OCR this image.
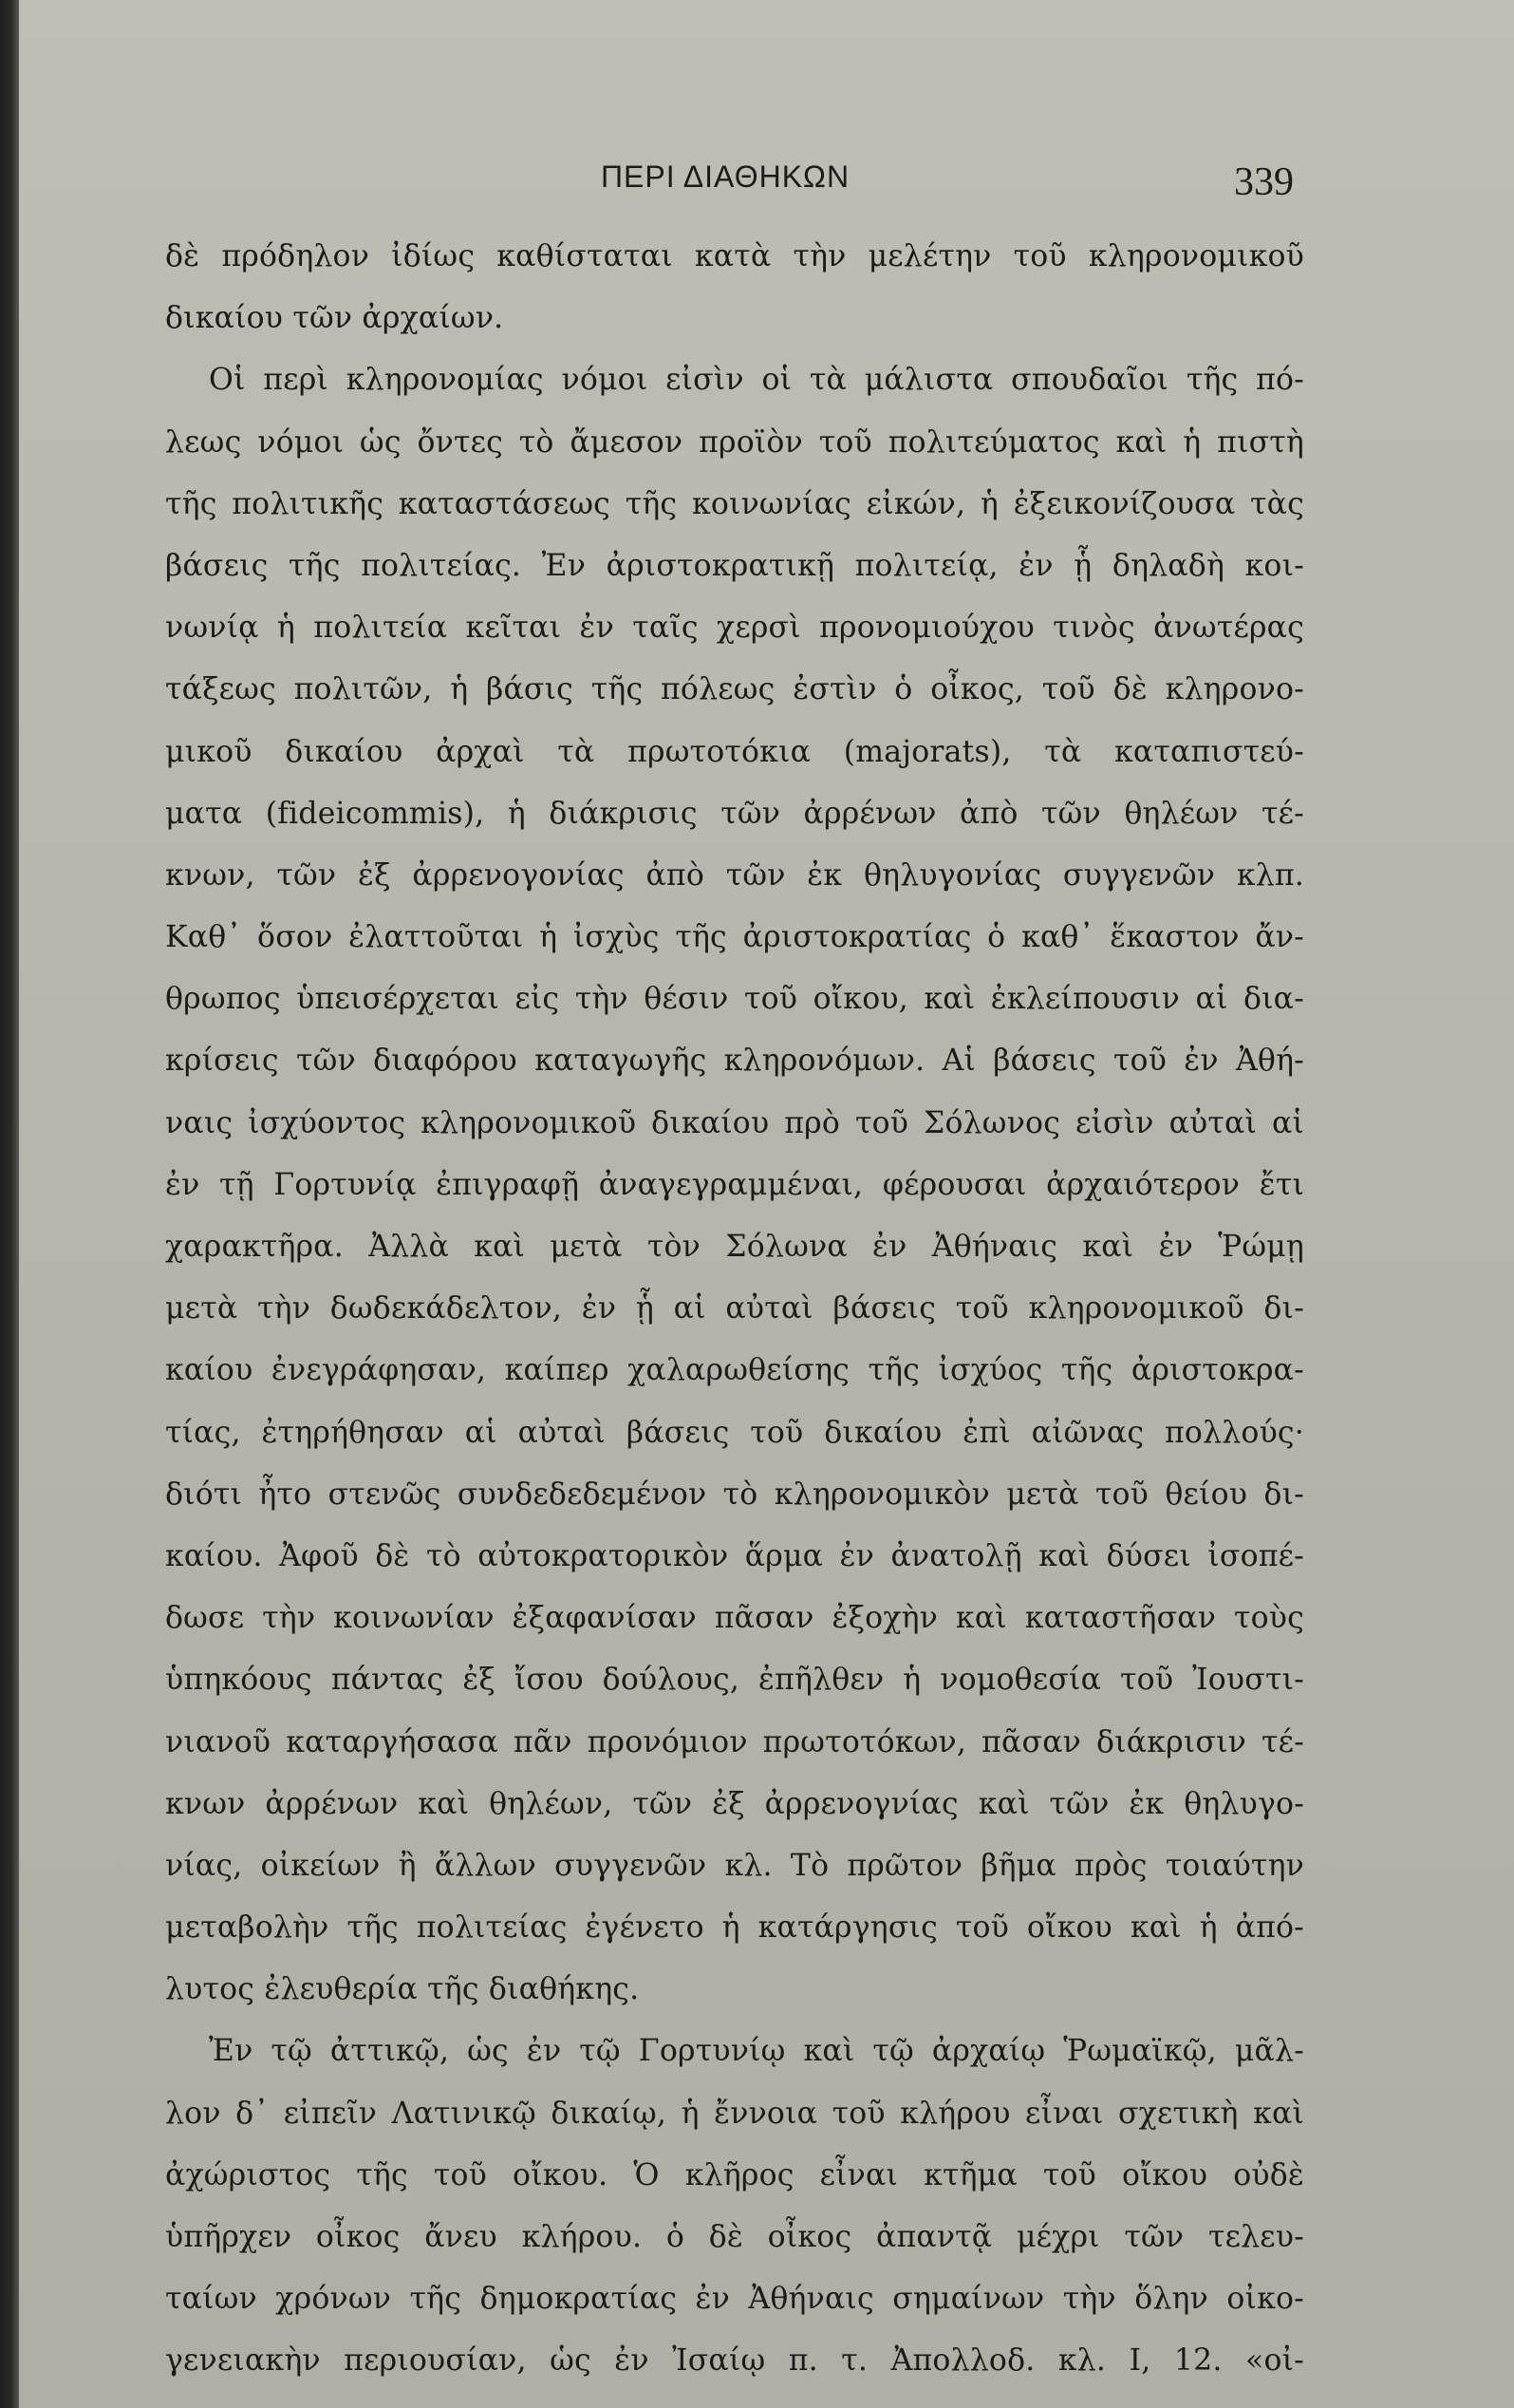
ΠΕΡΙ ΔΙΑΘΗΚΩΝ	339
δὲ πρόδηλον ἰδίως καθίσταται κατὰ τὴν μελέτην τοῦ κληρονομικοῦ
δικαίου τῶν ἀρχαίων.
Οἱ περὶ κληρονομίας νόμοι εἰσὶν οἱ τὰ μάλιστα σπουδαῖοι τῆς πό-
λεως νόμοι ὡς ὄντες τὸ ἄμεσον προϊὸν τοῦ πολιτεύματος καὶ ἡ πιστὴ
τῆς πολιτικῆς καταστάσεως τῆς κοινωνίας εἰκών, ἡ ἐξεικονίζουσα τὰς
βάσεις τῆς πολιτείας. Ἐν ἀριστοκρατικῇ πολιτείᾳ, ἐν ᾗ δηλαδὴ κοι-
νωνίᾳ ἡ πολιτεία κεῖται ἐν ταῖς χερσὶ προνομιούχου τινὸς ἀνωτέρας
τάξεως πολιτῶν, ἡ βάσις τῆς πόλεως ἐστὶν ὁ οἶκος, τοῦ δὲ κληρονο-
μικοῦ δικαίου ἀρχαὶ τὰ πρωτοτόκια (majorats), τὰ καταπιστεύ-
ματα (fideicommis), ἡ διάκρισις τῶν ἀρρένων ἀπὸ τῶν θηλέων τέ-
κνων, τῶν ἐξ ἀρρενογονίας ἀπὸ τῶν ἐκ θηλυγονίας συγγενῶν κλπ.
Καθ᾿ ὅσον ἐλαττοῦται ἡ ἰσχὺς τῆς ἀριστοκρατίας ὁ καθ᾿ ἕκαστον ἄν-
θρωπος ὑπεισέρχεται εἰς τὴν θέσιν τοῦ οἴκου, καὶ ἐκλείπουσιν αἱ δια-
κρίσεις τῶν διαφόρου καταγωγῆς κληρονόμων. Αἱ βάσεις τοῦ ἐν Ἀθή-
ναις ἰσχύοντος κληρονομικοῦ δικαίου πρὸ τοῦ Σόλωνος εἰσὶν αὐταὶ αἱ
ἐν τῇ Γορτυνίᾳ ἐπιγραφῇ ἀναγεγραμμέναι, φέρουσαι ἀρχαιότερον ἔτι
χαρακτῆρα. Ἀλλὰ καὶ μετὰ τὸν Σόλωνα ἐν Ἀθήναις καὶ ἐν Ῥώμῃ
μετὰ τὴν δωδεκάδελτον, ἐν ᾗ αἱ αὐταὶ βάσεις τοῦ κληρονομικοῦ δι-
καίου ἐνεγράφησαν, καίπερ χαλαρωθείσης τῆς ἰσχύος τῆς ἀριστοκρα-
τίας, ἐτηρήθησαν αἱ αὐταὶ βάσεις τοῦ δικαίου ἐπὶ αἰῶνας πολλούς·
διότι ἦτο στενῶς συνδεδεδεμένον τὸ κληρονομικὸν μετὰ τοῦ θείου δι-
καίου. Ἀφοῦ δὲ τὸ αὐτοκρατορικὸν ἅρμα ἐν ἀνατολῇ καὶ δύσει ἰσοπέ-
δωσε τὴν κοινωνίαν ἐξαφανίσαν πᾶσαν ἐξοχὴν καὶ καταστῆσαν τοὺς
ὑπηκόους πάντας ἐξ ἴσου δούλους, ἐπῆλθεν ἡ νομοθεσία τοῦ Ἰουστι-
νιανοῦ καταργήσασα πᾶν προνόμιον πρωτοτόκων, πᾶσαν διάκρισιν τέ-
κνων ἀρρένων καὶ θηλέων, τῶν ἐξ ἀρρενογνίας καὶ τῶν ἐκ θηλυγο-
νίας, οἰκείων ἢ ἄλλων συγγενῶν κλ. Τὸ πρῶτον βῆμα πρὸς τοιαύτην
μεταβολὴν τῆς πολιτείας ἐγένετο ἡ κατάργησις τοῦ οἴκου καὶ ἡ ἀπό-
λυτος ἐλευθερία τῆς διαθήκης.
Ἐν τῷ ἀττικῷ, ὡς ἐν τῷ Γορτυνίῳ καὶ τῷ ἀρχαίῳ Ῥωμαϊκῷ, μᾶλ-
λον δ᾿ εἰπεῖν Λατινικῷ δικαίῳ, ἡ ἔννοια τοῦ κλήρου εἶναι σχετικὴ καὶ
ἀχώριστος τῆς τοῦ οἴκου. Ὁ κλῆρος εἶναι κτῆμα τοῦ οἴκου οὐδὲ
ὑπῆρχεν οἶκος ἄνευ κλήρου. ὁ δὲ οἶκος ἀπαντᾷ μέχρι τῶν τελευ-
ταίων χρόνων τῆς δημοκρατίας ἐν Ἀθήναις σημαίνων τὴν ὅλην οἰκο-
γενειακὴν περιουσίαν, ὡς ἐν Ἰσαίῳ π. τ. Ἀπολλοδ. κλ. I, 12. «οἰ-
